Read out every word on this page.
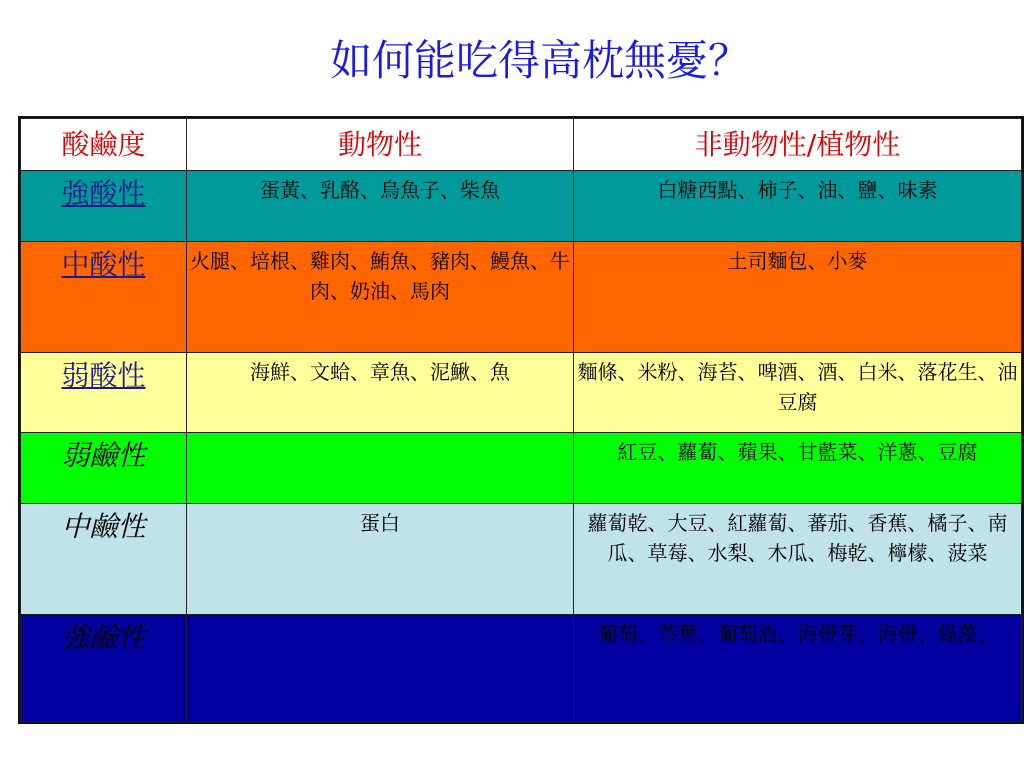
如何能吃得高枕無憂？
酸鹼度	動物性	非動物性/植物性
強酸性	蛋黃、乳酪、烏魚子、柴魚	白糖西點、柿子、油、鹽、味素
中酸性	火腿、培根、雞肉、鮪魚、豬肉、鰻魚、牛肉、奶油、馬肉	土司麵包、小麥
弱酸性	海鮮、文蛤、章魚、泥鰍、魚	麵條、米粉、海苔、啤酒、酒、白米、落花生、油豆腐
弱鹼性		紅豆、蘿蔔、蘋果、甘藍菜、洋蔥、豆腐
中鹼性	蛋白	蘿蔔乾、大豆、紅蘿蔔、蕃茄、香蕉、橘子、南瓜、草莓、水梨、木瓜、梅乾、檸檬、菠菜
強鹼性		葡萄、茶葉、葡萄酒、海帶芽、海帶、綠藻、
